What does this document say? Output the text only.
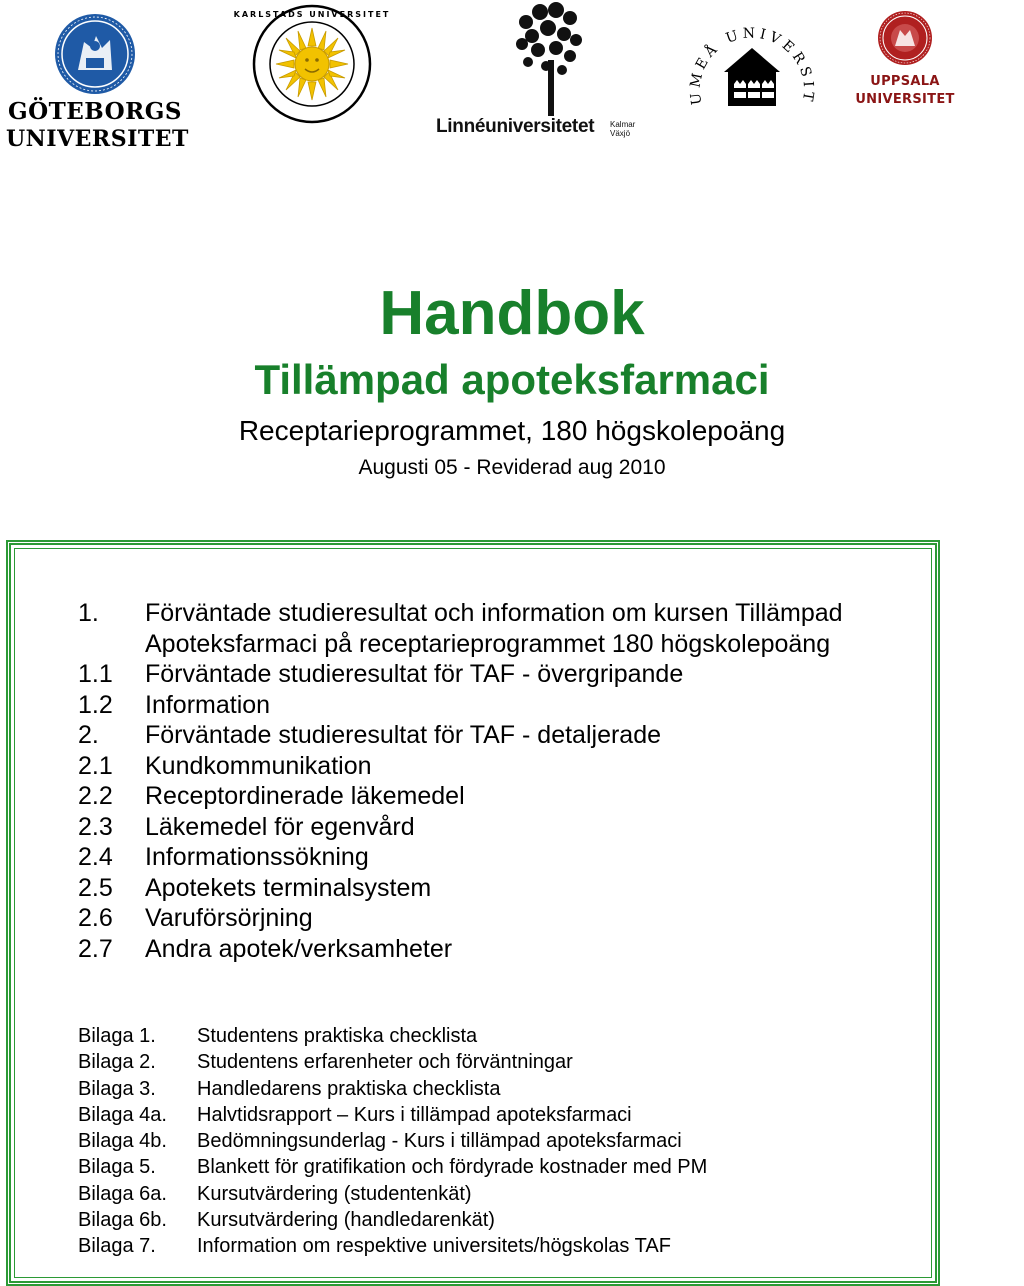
GÖTEBORGS
UNIVERSITET
KARLSTADS UNIVERSITET
Linnéuniversitetet Kalmar
Växjö
UMEÅ UNIVERSIT
UPPSALA
UNIVERSITET
Handbok
Tillämpad apoteksfarmaci
Receptarieprogrammet, 180 högskolepoäng
Augusti 05 - Reviderad aug 2010
1.	Förväntade studieresultat och information om kursen Tillämpad
Apoteksfarmaci på receptarieprogrammet 180 högskolepoäng
1.1	Förväntade studieresultat för TAF - övergripande
1.2	Information
2.	Förväntade studieresultat för TAF - detaljerade
2.1	Kundkommunikation
2.2	Receptordinerade läkemedel
2.3	Läkemedel för egenvård
2.4	Informationssökning
2.5	Apotekets terminalsystem
2.6	Varuförsörjning
2.7	Andra apotek/verksamheter
Bilaga 1.	Studentens praktiska checklista
Bilaga 2.	Studentens erfarenheter och förväntningar
Bilaga 3.	Handledarens praktiska checklista
Bilaga 4a.	Halvtidsrapport – Kurs i tillämpad apoteksfarmaci
Bilaga 4b.	Bedömningsunderlag - Kurs i tillämpad apoteksfarmaci
Bilaga 5.	Blankett för gratifikation och fördyrade kostnader med PM
Bilaga 6a.	Kursutvärdering (studentenkät)
Bilaga 6b.	Kursutvärdering (handledarenkät)
Bilaga 7.	Information om respektive universitets/högskolas TAF
